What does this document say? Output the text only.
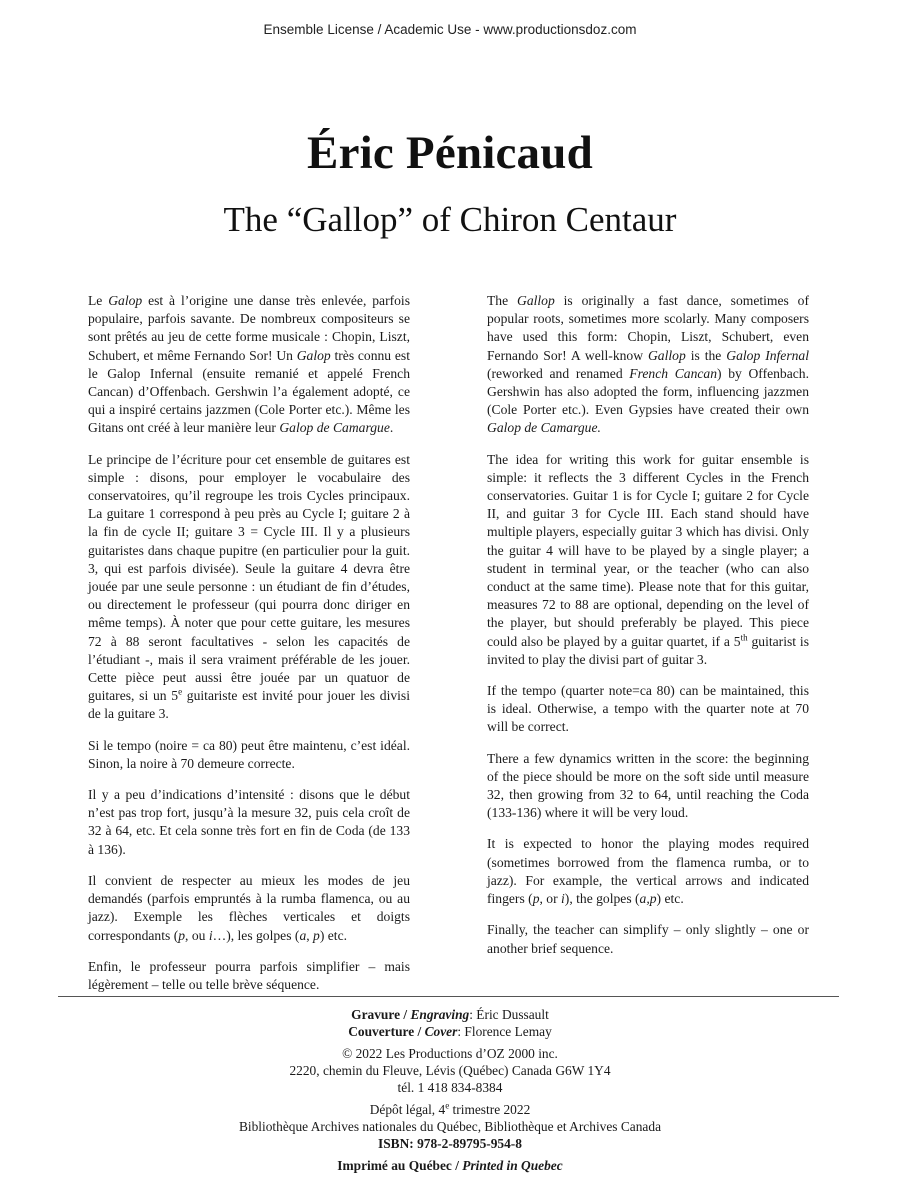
Ensemble License / Academic Use - www.productionsdoz.com
Éric Pénicaud
The “Gallop” of Chiron Centaur

Le Galop est à l’origine une danse très enlevée, parfois populaire, parfois savante. De nombreux compositeurs se sont prêtés au jeu de cette forme musicale : Chopin, Liszt, Schubert, et même Fernando Sor! Un Galop très connu est le Galop Infernal (ensuite remanié et appelé French Cancan) d’Offenbach. Gershwin l’a également adopté, ce qui a inspiré certains jazzmen (Cole Porter etc.). Même les Gitans ont créé à leur manière leur Galop de Camargue.

Le principe de l’écriture pour cet ensemble de guitares est simple : disons, pour employer le vocabulaire des conservatoires, qu’il regroupe les trois Cycles principaux. La guitare 1 correspond à peu près au Cycle I; guitare 2 à la fin de cycle II; guitare 3 = Cycle III. Il y a plusieurs guitaristes dans chaque pupitre (en particulier pour la guit. 3, qui est parfois divisée). Seule la guitare 4 devra être jouée par une seule personne : un étudiant de fin d’études, ou directement le professeur (qui pourra donc diriger en même temps). À noter que pour cette guitare, les mesures 72 à 88 seront facultatives - selon les capacités de l’étudiant -, mais il sera vraiment préférable de les jouer. Cette pièce peut aussi être jouée par un quatuor de guitares, si un 5e guitariste est invité pour jouer les divisi de la guitare 3.

Si le tempo (noire = ca 80) peut être maintenu, c’est idéal. Sinon, la noire à 70 demeure correcte.

Il y a peu d’indications d’intensité : disons que le début n’est pas trop fort, jusqu’à la mesure 32, puis cela croît de 32 à 64, etc. Et cela sonne très fort en fin de Coda (de 133 à 136).

Il convient de respecter au mieux les modes de jeu demandés (parfois empruntés à la rumba flamenca, ou au jazz). Exemple les flèches verticales et doigts correspondants (p, ou i…), les golpes (a, p) etc.

Enfin, le professeur pourra parfois simplifier – mais légèrement – telle ou telle brève séquence.

The Gallop is originally a fast dance, sometimes of popular roots, sometimes more scolarly. Many composers have used this form: Chopin, Liszt, Schubert, even Fernando Sor! A well-know Gallop is the Galop Infernal (reworked and renamed French Cancan) by Offenbach. Gershwin has also adopted the form, influencing jazzmen (Cole Porter etc.). Even Gypsies have created their own Galop de Camargue.

The idea for writing this work for guitar ensemble is simple: it reflects the 3 different Cycles in the French conservatories. Guitar 1 is for Cycle I; guitare 2 for Cycle II, and guitar 3 for Cycle III. Each stand should have multiple players, especially guitar 3 which has divisi. Only the guitar 4 will have to be played by a single player; a student in terminal year, or the teacher (who can also conduct at the same time). Please note that for this guitar, measures 72 to 88 are optional, depending on the level of the player, but should preferably be played. This piece could also be played by a guitar quartet, if a 5th guitarist is invited to play the divisi part of guitar 3.

If the tempo (quarter note=ca 80) can be maintained, this is ideal. Otherwise, a tempo with the quarter note at 70 will be correct.

There a few dynamics written in the score: the beginning of the piece should be more on the soft side until measure 32, then growing from 32 to 64, until reaching the Coda (133-136) where it will be very loud.

It is expected to honor the playing modes required (sometimes borrowed from the flamenca rumba, or to jazz). For example, the vertical arrows and indicated fingers (p, or i), the golpes (a,p) etc.

Finally, the teacher can simplify – only slightly – one or another brief sequence.

Gravure / Engraving: Éric Dussault
Couverture / Cover: Florence Lemay
© 2022 Les Productions d’OZ 2000 inc.
2220, chemin du Fleuve, Lévis (Québec) Canada G6W 1Y4
tél. 1 418 834-8384
Dépôt légal, 4e trimestre 2022
Bibliothèque Archives nationales du Québec, Bibliothèque et Archives Canada
ISBN: 978-2-89795-954-8
Imprimé au Québec / Printed in Quebec
